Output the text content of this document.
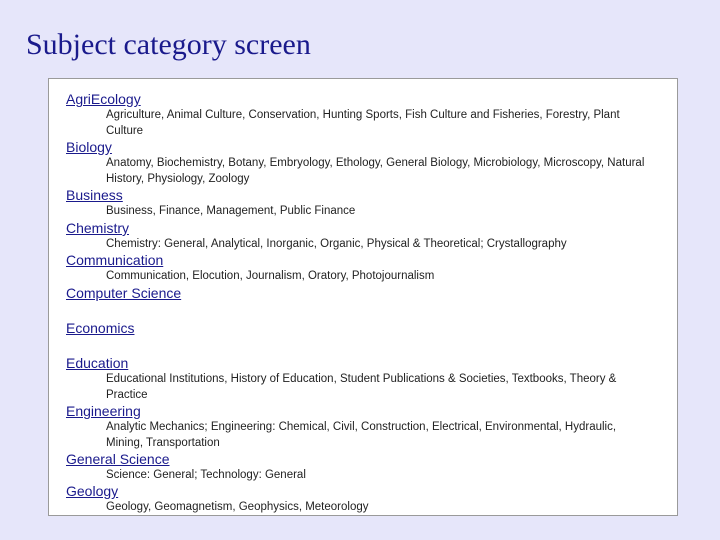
Subject category screen
AgriEcology
Agriculture, Animal Culture, Conservation, Hunting Sports, Fish Culture and Fisheries, Forestry, Plant Culture
Biology
Anatomy, Biochemistry, Botany, Embryology, Ethology, General Biology, Microbiology, Microscopy, Natural History, Physiology, Zoology
Business
Business, Finance, Management, Public Finance
Chemistry
Chemistry: General, Analytical, Inorganic, Organic, Physical & Theoretical; Crystallography
Communication
Communication, Elocution, Journalism, Oratory, Photojournalism
Computer Science
Economics
Education
Educational Institutions, History of Education, Student Publications & Societies, Textbooks, Theory & Practice
Engineering
Analytic Mechanics; Engineering: Chemical, Civil, Construction, Electrical, Environmental, Hydraulic, Mining, Transportation
General Science
Science: General; Technology: General
Geology
Geology, Geomagnetism, Geophysics, Meteorology
